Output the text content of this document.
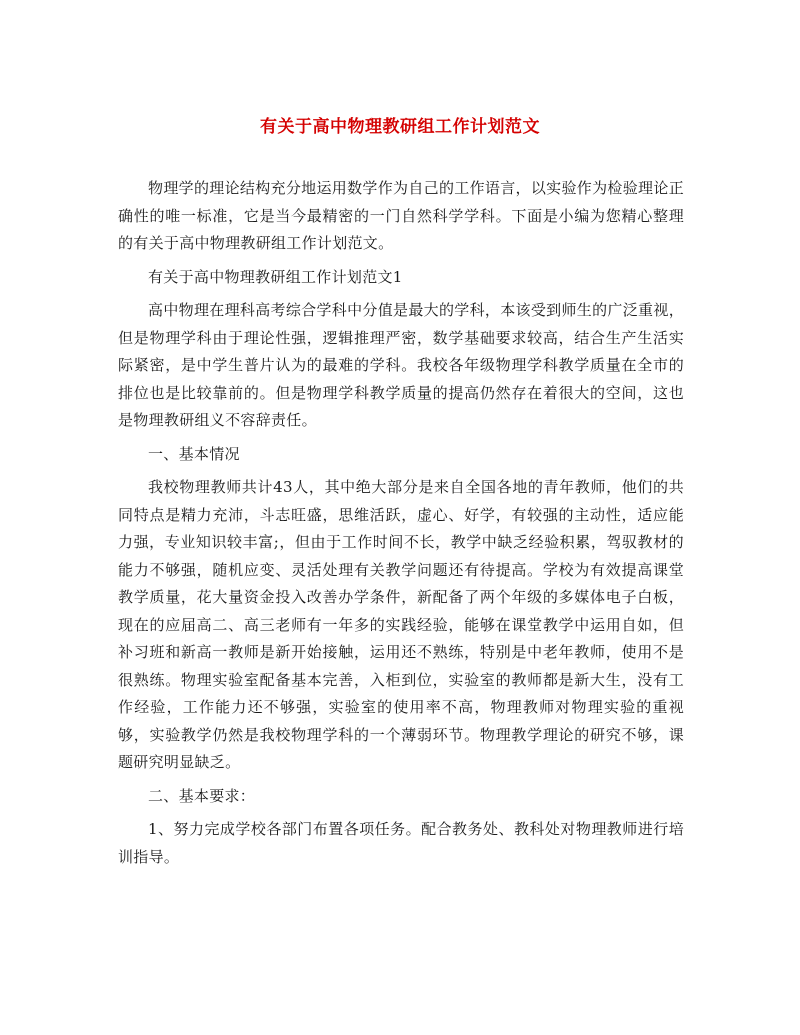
有关于高中物理教研组工作计划范文

物理学的理论结构充分地运用数学作为自己的工作语言，以实验作为检验理论正确性的唯一标准，它是当今最精密的一门自然科学学科。下面是小编为您精心整理的有关于高中物理教研组工作计划范文。

有关于高中物理教研组工作计划范文1

高中物理在理科高考综合学科中分值是最大的学科，本该受到师生的广泛重视，但是物理学科由于理论性强，逻辑推理严密，数学基础要求较高，结合生产生活实际紧密，是中学生普片认为的最难的学科。我校各年级物理学科教学质量在全市的排位也是比较靠前的。但是物理学科教学质量的提高仍然存在着很大的空间，这也是物理教研组义不容辞责任。

一、基本情况

我校物理教师共计43人，其中绝大部分是来自全国各地的青年教师，他们的共同特点是精力充沛，斗志旺盛，思维活跃，虚心、好学，有较强的主动性，适应能力强，专业知识较丰富;，但由于工作时间不长，教学中缺乏经验积累，驾驭教材的能力不够强，随机应变、灵活处理有关教学问题还有待提高。学校为有效提高课堂教学质量，花大量资金投入改善办学条件，新配备了两个年级的多媒体电子白板，现在的应届高二、高三老师有一年多的实践经验，能够在课堂教学中运用自如，但补习班和新高一教师是新开始接触，运用还不熟练，特别是中老年教师，使用不是很熟练。物理实验室配备基本完善，入柜到位，实验室的教师都是新大生，没有工作经验，工作能力还不够强，实验室的使用率不高，物理教师对物理实验的重视够，实验教学仍然是我校物理学科的一个薄弱环节。物理教学理论的研究不够，课题研究明显缺乏。

二、基本要求：

1、努力完成学校各部门布置各项任务。配合教务处、教科处对物理教师进行培训指导。
